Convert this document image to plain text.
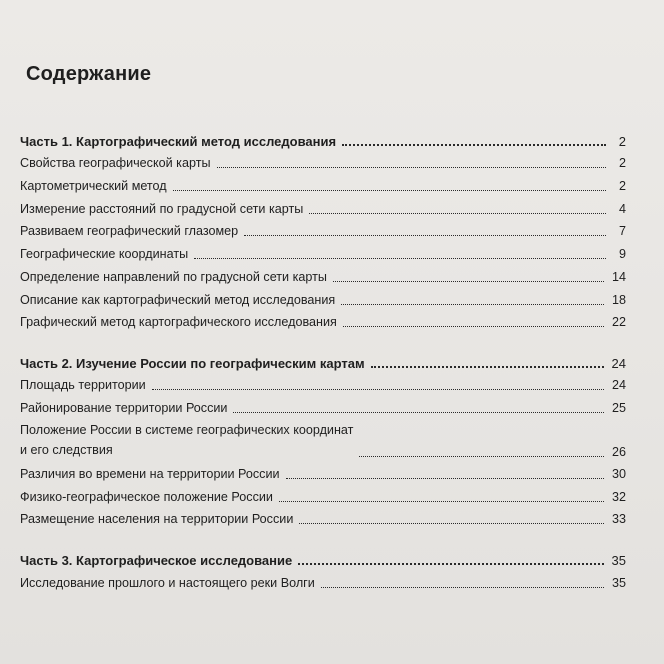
Содержание
Часть 1. Картографический метод исследования	2
Свойства географической карты	2
Картометрический метод	2
Измерение расстояний по градусной сети карты	4
Развиваем географический глазомер	7
Географические координаты	9
Определение направлений по градусной сети карты	14
Описание как картографический метод исследования	18
Графический метод картографического исследования	22
Часть 2. Изучение России по географическим картам	24
Площадь территории	24
Районирование территории России	25
Положение России в системе географических координат
и его следствия	26
Различия во времени на территории России	30
Физико-географическое положение России	32
Размещение населения на территории России	33
Часть 3. Картографическое исследование	35
Исследование прошлого и настоящего реки Волги	35
